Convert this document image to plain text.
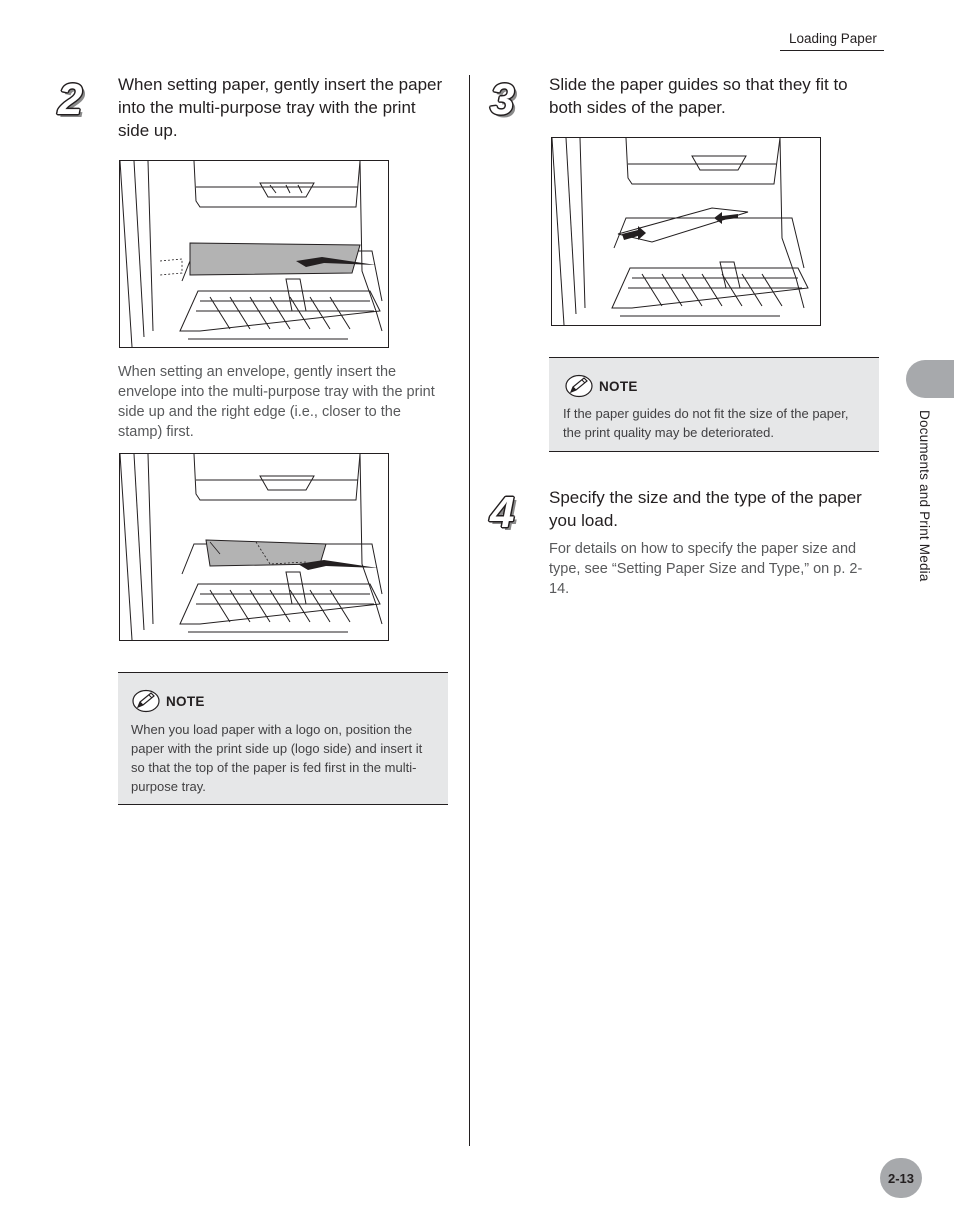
Loading Paper
2 When setting paper, gently insert the paper into the multi-purpose tray with the print side up.
When setting an envelope, gently insert the envelope into the multi-purpose tray with the print side up and the right edge (i.e., closer to the stamp) first.
NOTE
When you load paper with a logo on, position the paper with the print side up (logo side) and insert it so that the top of the paper is fed first in the multi-purpose tray.
3 Slide the paper guides so that they fit to both sides of the paper.
NOTE
If the paper guides do not fit the size of the paper, the print quality may be deteriorated.
4 Specify the size and the type of the paper you load.
For details on how to specify the paper size and type, see “Setting Paper Size and Type,” on p. 2-14.
Documents and Print Media
2-13
